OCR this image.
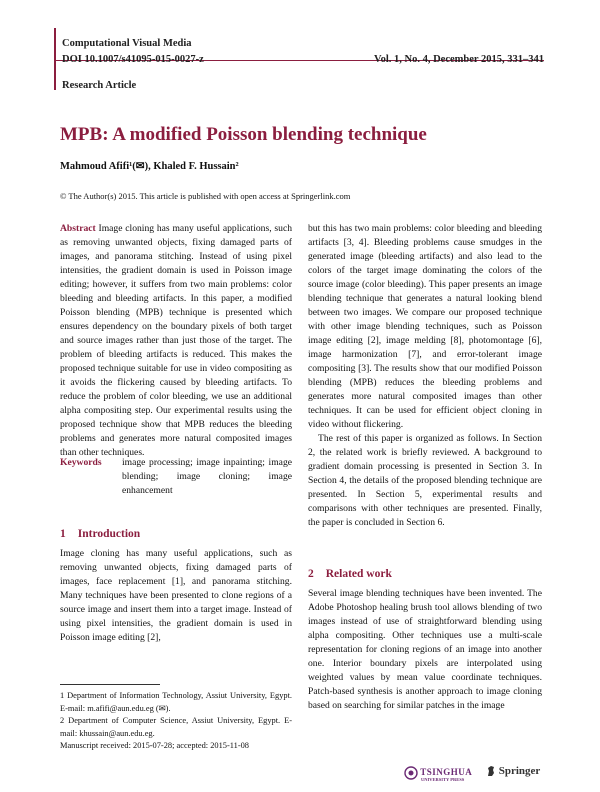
Computational Visual Media
DOI 10.1007/s41095-015-0027-z	Vol. 1, No. 4, December 2015, 331–341
Research Article
MPB: A modified Poisson blending technique
Mahmoud Afifi¹(✉), Khaled F. Hussain²
© The Author(s) 2015. This article is published with open access at Springerlink.com

Abstract Image cloning has many useful applications, such as removing unwanted objects, fixing damaged parts of images, and panorama stitching. Instead of using pixel intensities, the gradient domain is used in Poisson image editing; however, it suffers from two main problems: color bleeding and bleeding artifacts. In this paper, a modified Poisson blending (MPB) technique is presented which ensures dependency on the boundary pixels of both target and source images rather than just those of the target. The problem of bleeding artifacts is reduced. This makes the proposed technique suitable for use in video compositing as it avoids the flickering caused by bleeding artifacts. To reduce the problem of color bleeding, we use an additional alpha compositing step. Our experimental results using the proposed technique show that MPB reduces the bleeding problems and generates more natural composited images than other techniques.

Keywords	image processing; image inpainting; image blending; image cloning; image enhancement
1 Introduction

Image cloning has many useful applications, such as removing unwanted objects, fixing damaged parts of images, face replacement [1], and panorama stitching. Many techniques have been presented to clone regions of a source image and insert them into a target image. Instead of using pixel intensities, the gradient domain is used in Poisson image editing [2],

1 Department of Information Technology, Assiut University, Egypt. E-mail: m.afifi@aun.edu.eg (✉).
2 Department of Computer Science, Assiut University, Egypt. E-mail: khussain@aun.edu.eg.
Manuscript received: 2015-07-28; accepted: 2015-11-08

but this has two main problems: color bleeding and bleeding artifacts [3, 4]. Bleeding problems cause smudges in the generated image (bleeding artifacts) and also lead to the colors of the target image dominating the colors of the source image (color bleeding). This paper presents an image blending technique that generates a natural looking blend between two images. We compare our proposed technique with other image blending techniques, such as Poisson image editing [2], image melding [8], photomontage [6], image harmonization [7], and error-tolerant image compositing [3]. The results show that our modified Poisson blending (MPB) reduces the bleeding problems and generates more natural composited images than other techniques. It can be used for efficient object cloning in video without flickering.

The rest of this paper is organized as follows. In Section 2, the related work is briefly reviewed. A background to gradient domain processing is presented in Section 3. In Section 4, the details of the proposed blending technique are presented. In Section 5, experimental results and comparisons with other techniques are presented. Finally, the paper is concluded in Section 6.

2 Related work

Several image blending techniques have been invented. The Adobe Photoshop healing brush tool allows blending of two images instead of use of straightforward blending using alpha compositing. Other techniques use a multi-scale representation for cloning regions of an image into another one. Interior boundary pixels are interpolated using weighted values by mean value coordinate techniques. Patch-based synthesis is another approach to image cloning based on searching for similar patches in the image

TSINGHUA
UNIVERSITY PRESS
Springer
